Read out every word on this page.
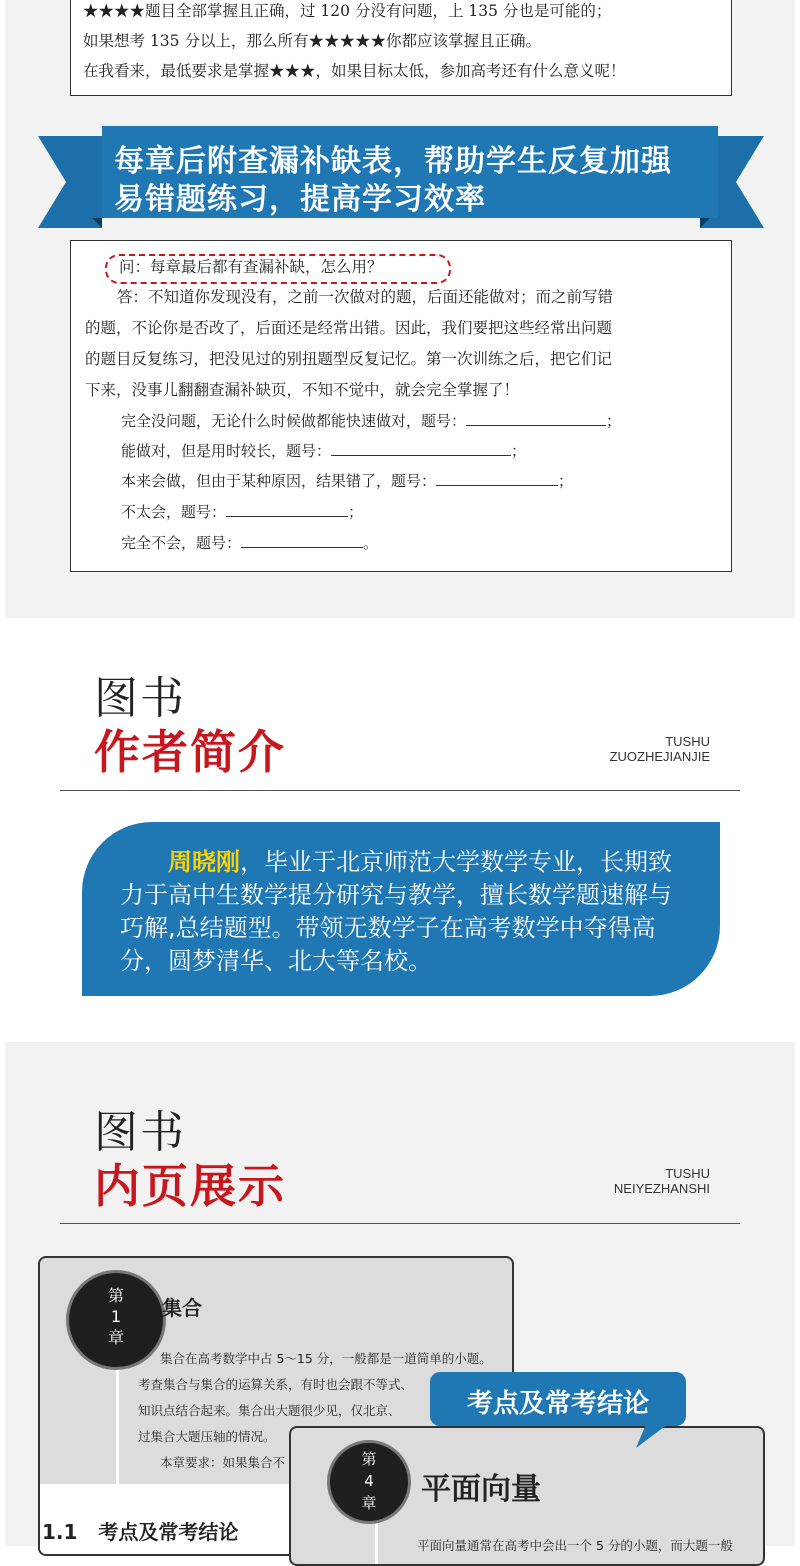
★★★★题目全部掌握且正确，过 120 分没有问题，上 135 分也是可能的；
如果想考 135 分以上，那么所有★★★★★你都应该掌握且正确。
在我看来，最低要求是掌握★★★，如果目标太低，参加高考还有什么意义呢！
每章后附查漏补缺表，帮助学生反复加强
易错题练习，提高学习效率
问：每章最后都有查漏补缺，怎么用？
答：不知道你发现没有，之前一次做对的题，后面还能做对；而之前写错
的题，不论你是否改了，后面还是经常出错。因此，我们要把这些经常出问题
的题目反复练习，把没见过的别扭题型反复记忆。第一次训练之后，把它们记
下来，没事儿翻翻查漏补缺页，不知不觉中，就会完全掌握了！
完全没问题，无论什么时候做都能快速做对，题号：	；
能做对，但是用时较长，题号：	；
本来会做，但由于某种原因，结果错了，题号：	；
不太会，题号：	；
完全不会，题号：	。
图书
作者简介	TUSHU
ZUOZHEJIANJIE
周晓刚，毕业于北京师范大学数学专业，长期致
力于高中生数学提分研究与教学，擅长数学题速解与
巧解,总结题型。带领无数学子在高考数学中夺得高
分，圆梦清华、北大等名校。
图书
内页展示	TUSHU
NEIYEZHANSHI
第
1
章
集合
集合在高考数学中占 5～15 分，一般都是一道简单的小题。
考查集合与集合的运算关系，有时也会跟不等式、
知识点结合起来。集合出大题很少见，仅北京、
过集合大题压轴的情况。
本章要求：如果集合不
1.1 考点及常考结论
第
4
章	平面向量
平面向量通常在高考中会出一个 5 分的小题，而大题一般
考点及常考结论
